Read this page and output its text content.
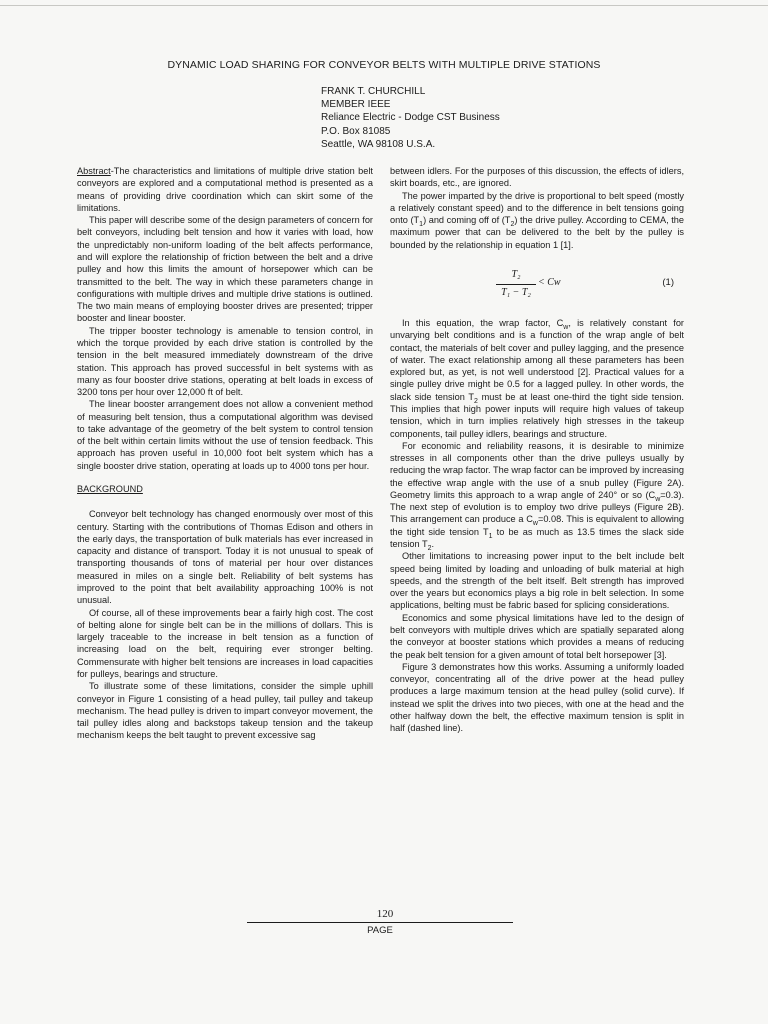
DYNAMIC LOAD SHARING FOR CONVEYOR BELTS WITH MULTIPLE DRIVE STATIONS
FRANK T. CHURCHILL
MEMBER IEEE
Reliance Electric - Dodge CST Business
P.O. Box 81085
Seattle, WA 98108 U.S.A.

Abstract-The characteristics and limitations of multiple drive station belt conveyors are explored and a computational method is presented as a means of providing drive coordination which can skirt some of the limitations.

This paper will describe some of the design parameters of concern for belt conveyors, including belt tension and how it varies with load, how the unpredictably non-uniform loading of the belt affects performance, and will explore the relationship of friction between the belt and a drive pulley and how this limits the amount of horsepower which can be transmitted to the belt. The way in which these parameters change in configurations with multiple drives and multiple drive stations is outlined. The two main means of employing booster drives are presented; tripper booster and linear booster.

The tripper booster technology is amenable to tension control, in which the torque provided by each drive station is controlled by the tension in the belt measured immediately downstream of the drive station. This approach has proved successful in belt systems with as many as four booster drive stations, operating at belt loads in excess of 3200 tons per hour over 12,000 ft of belt.

The linear booster arrangement does not allow a convenient method of measuring belt tension, thus a computational algorithm was devised to take advantage of the geometry of the belt system to control tension of the belt within certain limits without the use of tension feedback. This approach has proven useful in 10,000 foot belt system which has a single booster drive station, operating at loads up to 4000 tons per hour.

BACKGROUND

Conveyor belt technology has changed enormously over most of this century. Starting with the contributions of Thomas Edison and others in the early days, the transportation of bulk materials has ever increased in capacity and distance of transport. Today it is not unusual to speak of transporting thousands of tons of material per hour over distances measured in miles on a single belt. Reliability of belt systems has improved to the point that belt availability approaching 100% is not unusual.

Of course, all of these improvements bear a fairly high cost. The cost of belting alone for single belt can be in the millions of dollars. This is largely traceable to the increase in belt tension as a function of increasing load on the belt, requiring ever stronger belting. Commensurate with higher belt tensions are increases in load capacities for pulleys, bearings and structure.

To illustrate some of these limitations, consider the simple uphill conveyor in Figure 1 consisting of a head pulley, tail pulley and takeup mechanism. The head pulley is driven to impart conveyor movement, the tail pulley idles along and backstops takeup tension and the takeup mechanism keeps the belt taught to prevent excessive sag

between idlers. For the purposes of this discussion, the effects of idlers, skirt boards, etc., are ignored.

The power imparted by the drive is proportional to belt speed (mostly a relatively constant speed) and to the difference in belt tensions going onto $(T_1)$ and coming off of $(T_2)$ the drive pulley. According to CEMA, the maximum power that can be delivered to the belt by the pulley is bounded by the relationship in equation 1 [1].

T₂
T₁ − T₂
< Cw	(1)

In this equation, the wrap factor, $C_w$, is relatively constant for unvarying belt conditions and is a function of the wrap angle of belt contact, the materials of belt cover and pulley lagging, and the presence of water. The exact relationship among all these parameters has been explored but, as yet, is not well understood [2]. Practical values for a single pulley drive might be 0.5 for a lagged pulley. In other words, the slack side tension $T_2$ must be at least one-third the tight side tension. This implies that high power inputs will require high values of takeup tension, which in turn implies relatively high stresses in the takeup components, tail pulley idlers, bearings and structure.

For economic and reliability reasons, it is desirable to minimize stresses in all components other than the drive pulleys usually by reducing the wrap factor. The wrap factor can be improved by increasing the effective wrap angle with the use of a snub pulley (Figure 2A). Geometry limits this approach to a wrap angle of 240° or so $(C_w=0.3)$. The next step of evolution is to employ two drive pulleys (Figure 2B). This arrangement can produce a $C_w=0.08$. This is equivalent to allowing the tight side tension $T_1$ to be as much as 13.5 times the slack side tension $T_2$.

Other limitations to increasing power input to the belt include belt speed being limited by loading and unloading of bulk material at high speeds, and the strength of the belt itself. Belt strength has improved over the years but economics plays a big role in belt selection. In some applications, belting must be fabric based for splicing considerations.

Economics and some physical limitations have led to the design of belt conveyors with multiple drives which are spatially separated along the conveyor at booster stations which provides a means of reducing the peak belt tension for a given amount of total belt horsepower [3].

Figure 3 demonstrates how this works. Assuming a uniformly loaded conveyor, concentrating all of the drive power at the head pulley produces a large maximum tension at the head pulley (solid curve). If instead we split the drives into two pieces, with one at the head and the other halfway down the belt, the effective maximum tension is split in half (dashed line).

120
PAGE
